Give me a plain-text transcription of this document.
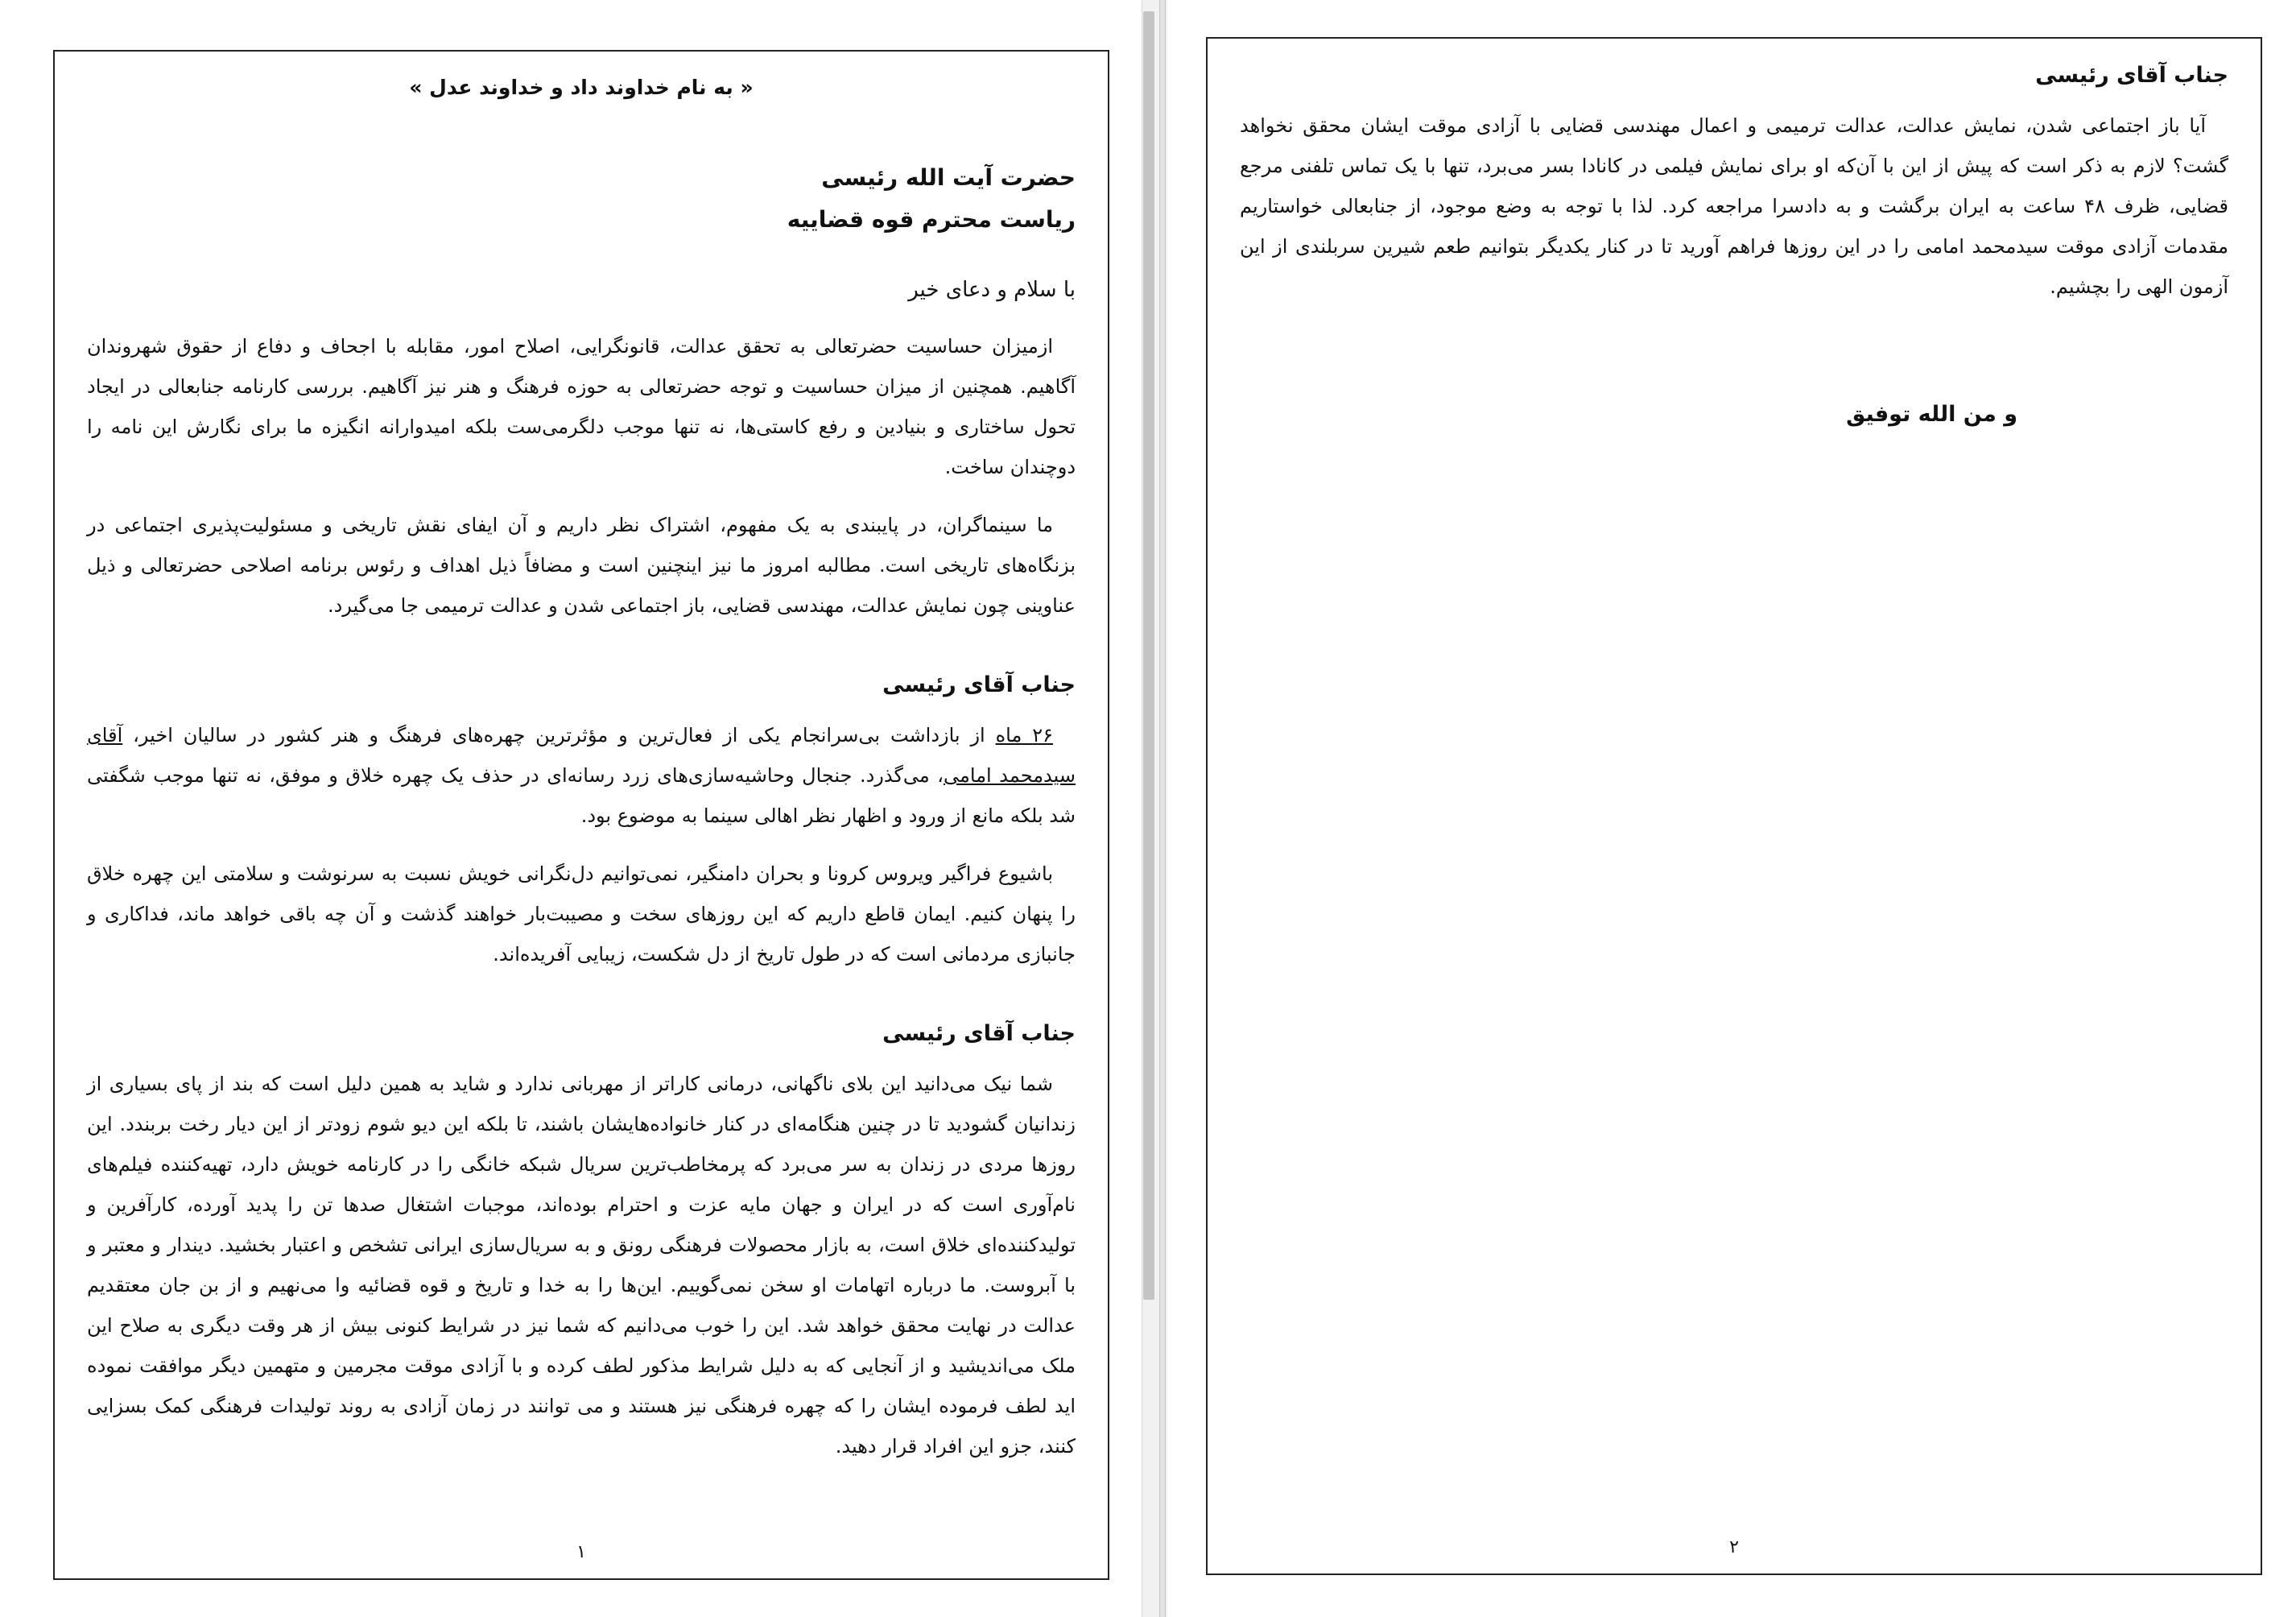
« به نام خداوند داد و خداوند عدل »
حضرت آیت الله رئیسی
ریاست محترم قوه قضاییه
با سلام و دعای خیر

ازمیزان حساسیت حضرتعالی به تحقق عدالت، قانونگرایی، اصلاح امور، مقابله با اجحاف و دفاع از حقوق شهروندان آگاهیم. همچنین از میزان حساسیت و توجه حضرتعالی به حوزه فرهنگ و هنر نیز آگاهیم. بررسی کارنامه جنابعالی در ایجاد تحول ساختاری و بنیادین و رفع کاستی‌ها، نه تنها موجب دلگرمی‌ست بلکه امیدوارانه انگیزه ما برای نگارش این نامه را دوچندان ساخت.

ما سینماگران، در پایبندی به یک مفهوم، اشتراک نظر داریم و آن ایفای نقش تاریخی و مسئولیت‌پذیری اجتماعی در بزنگاه‌های تاریخی است. مطالبه امروز ما نیز اینچنین است و مضافاً ذیل اهداف و رئوس برنامه اصلاحی حضرتعالی و ذیل عناوینی چون نمایش عدالت، مهندسی قضایی، باز اجتماعی شدن و عدالت ترمیمی جا می‌گیرد.

جناب آقای رئیسی

۲۶ ماه از بازداشت بی‌سرانجام یکی از فعال‌ترین و مؤثرترین چهره‌های فرهنگ و هنر کشور در سالیان اخیر، آقای سیدمحمد امامی، می‌گذرد. جنجال وحاشیه‌سازی‌های زرد رسانه‌ای در حذف یک چهره خلاق و موفق، نه تنها موجب شگفتی شد بلکه مانع از ورود و اظهار نظر اهالی سینما به موضوع بود.

باشیوع فراگیر ویروس کرونا و بحران دامنگیر، نمی‌توانیم دل‌نگرانی خویش نسبت به سرنوشت و سلامتی این چهره خلاق را پنهان کنیم. ایمان قاطع داریم که این روزهای سخت و مصیبت‌بار خواهند گذشت و آن چه باقی خواهد ماند، فداکاری و جانبازی مردمانی است که در طول تاریخ از دل شکست، زیبایی آفریده‌اند.

جناب آقای رئیسی

شما نیک می‌دانید این بلای ناگهانی، درمانی کاراتر از مهربانی ندارد و شاید به همین دلیل است که بند از پای بسیاری از زندانیان گشودید تا در چنین هنگامه‌ای در کنار خانواده‌هایشان باشند، تا بلکه این دیو شوم زودتر از این دیار رخت بربندد. این روزها مردی در زندان به سر می‌برد که پرمخاطب‌ترین سریال شبکه خانگی را در کارنامه خویش دارد، تهیه‌کننده فیلم‌های نام‌آوری است که در ایران و جهان مایه عزت و احترام بوده‌اند، موجبات اشتغال صدها تن را پدید آورده، کارآفرین و تولیدکننده‌ای خلاق است، به بازار محصولات فرهنگی رونق و به سریال‌سازی ایرانی تشخص و اعتبار بخشید. دیندار و معتبر و با آبروست. ما درباره اتهامات او سخن نمی‌گوییم. این‌ها را به خدا و تاریخ و قوه قضائیه وا می‌نهیم و از بن جان معتقدیم عدالت در نهایت محقق خواهد شد. این را خوب می‌دانیم که شما نیز در شرایط کنونی بیش از هر وقت دیگری به صلاح این ملک می‌اندیشید و از آنجایی که به دلیل شرایط مذکور لطف کرده و با آزادی موقت مجرمین و متهمین دیگر موافقت نموده اید لطف فرموده ایشان را که چهره فرهنگی نیز هستند و می توانند در زمان آزادی به روند تولیدات فرهنگی کمک بسزایی کنند، جزو این افراد قرار دهید.

۱
جناب آقای رئیسی

آیا باز اجتماعی شدن، نمایش عدالت، عدالت ترمیمی و اعمال مهندسی قضایی با آزادی موقت ایشان محقق نخواهد گشت؟ لازم به ذکر است که پیش از این با آن‌که او برای نمایش فیلمی در کانادا بسر می‌برد، تنها با یک تماس تلفنی مرجع قضایی، ظرف ۴۸ ساعت به ایران برگشت و به دادسرا مراجعه کرد. لذا با توجه به وضع موجود، از جنابعالی خواستاریم مقدمات آزادی موقت سیدمحمد امامی را در این روزها فراهم آورید تا در کنار یکدیگر بتوانیم طعم شیرین سربلندی از این آزمون الهی را بچشیم.

و من الله توفیق
۲
